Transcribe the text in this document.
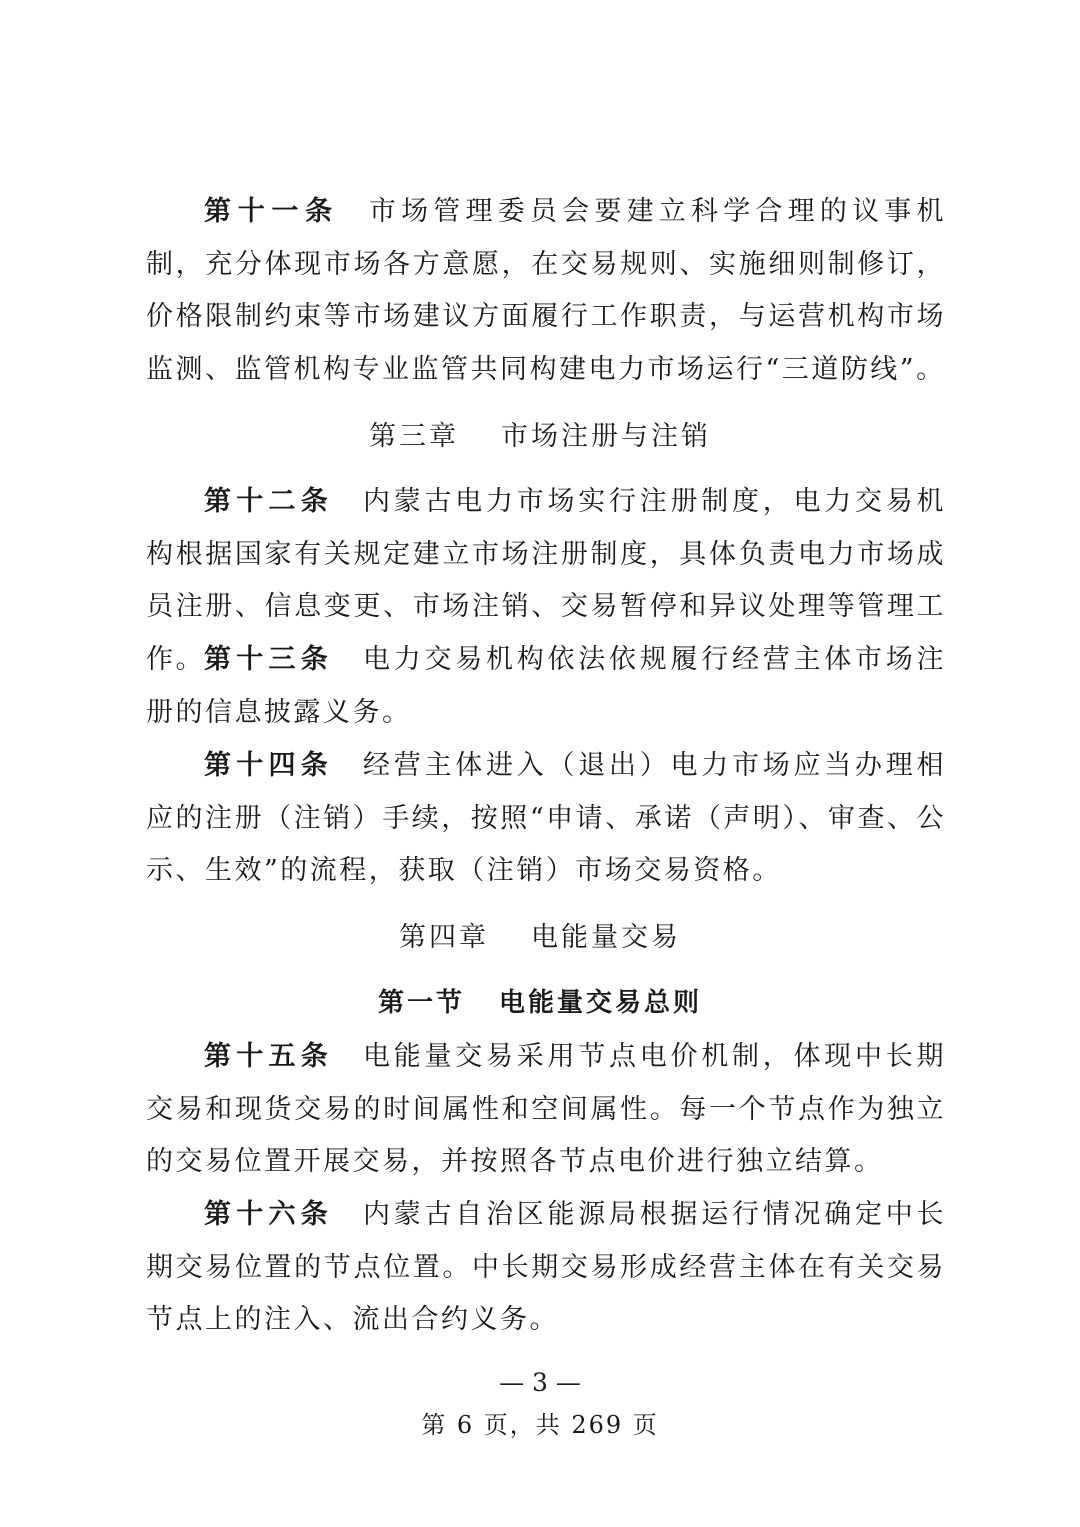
第十一条 市场管理委员会要建立科学合理的议事机制，充分体现市场各方意愿，在交易规则、实施细则制修订，价格限制约束等市场建议方面履行工作职责，与运营机构市场监测、监管机构专业监管共同构建电力市场运行“三道防线”。

第三章 市场注册与注销

第十二条 内蒙古电力市场实行注册制度，电力交易机构根据国家有关规定建立市场注册制度，具体负责电力市场成员注册、信息变更、市场注销、交易暂停和异议处理等管理工作。 第十三条 电力交易机构依法依规履行经营主体市场注册的信息披露义务。

第十四条 经营主体进入（退出）电力市场应当办理相应的注册（注销）手续，按照“申请、承诺（声明）、审查、公示、生效”的流程，获取（注销）市场交易资格。

第四章 电能量交易
第一节 电能量交易总则

第十五条 电能量交易采用节点电价机制，体现中长期交易和现货交易的时间属性和空间属性。每一个节点作为独立的交易位置开展交易，并按照各节点电价进行独立结算。

第十六条 内蒙古自治区能源局根据运行情况确定中长期交易位置的节点位置。中长期交易形成经营主体在有关交易节点上的注入、流出合约义务。

— 3 —
第 6 页，共 269 页
